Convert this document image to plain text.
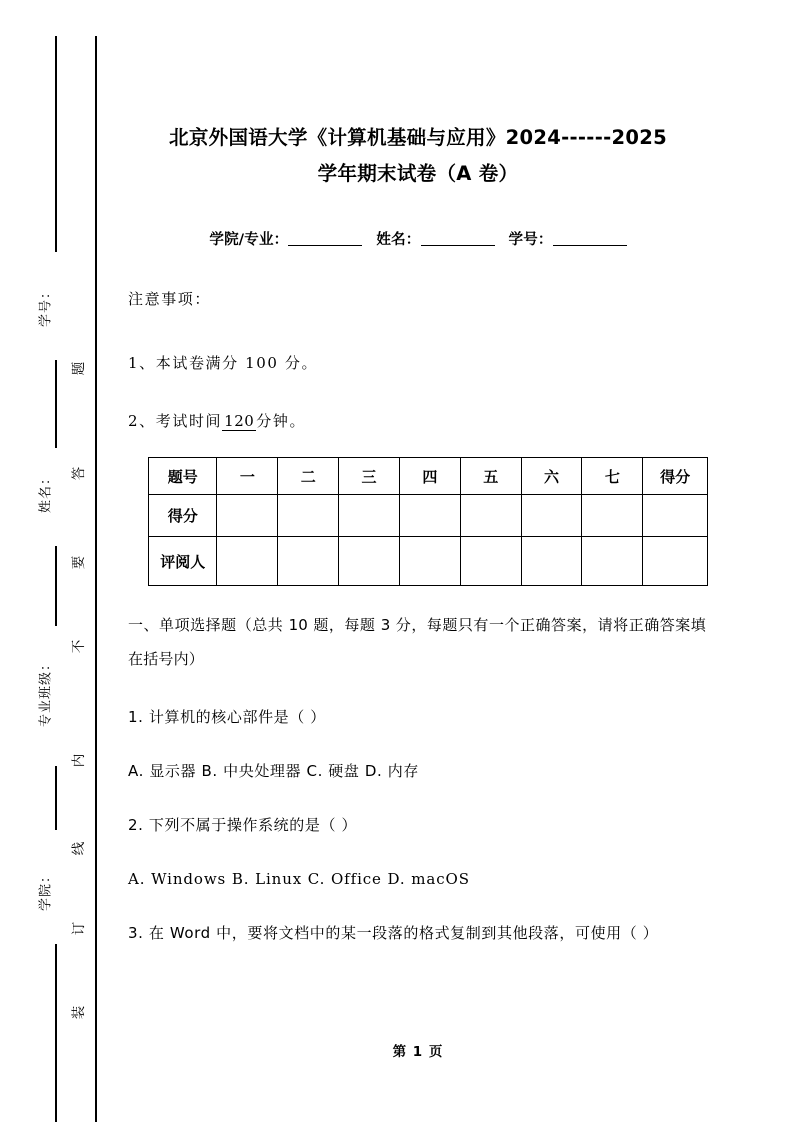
学号：
姓名：
专业班级：
学院：
题
答
要
不
内
线
订
装
北京外国语大学《计算机基础与应用》2024------2025
学年期末试卷（A 卷）
学院/专业：	姓名：	学号：
注意事项：
1、本试卷满分 100 分。
2、考试时间 120 分钟。
题号	一	二	三	四	五	六	七	得分
得分								
评阅人								
一、单项选择题（总共 10 题，每题 3 分，每题只有一个正确答案，请将正确答案填在括号内）
1. 计算机的核心部件是（ ）
A. 显示器 B. 中央处理器 C. 硬盘 D. 内存
2. 下列不属于操作系统的是（ ）
A. Windows B. Linux C. Office D. macOS
3. 在 Word 中，要将文档中的某一段落的格式复制到其他段落，可使用（ ）
第 1 页
